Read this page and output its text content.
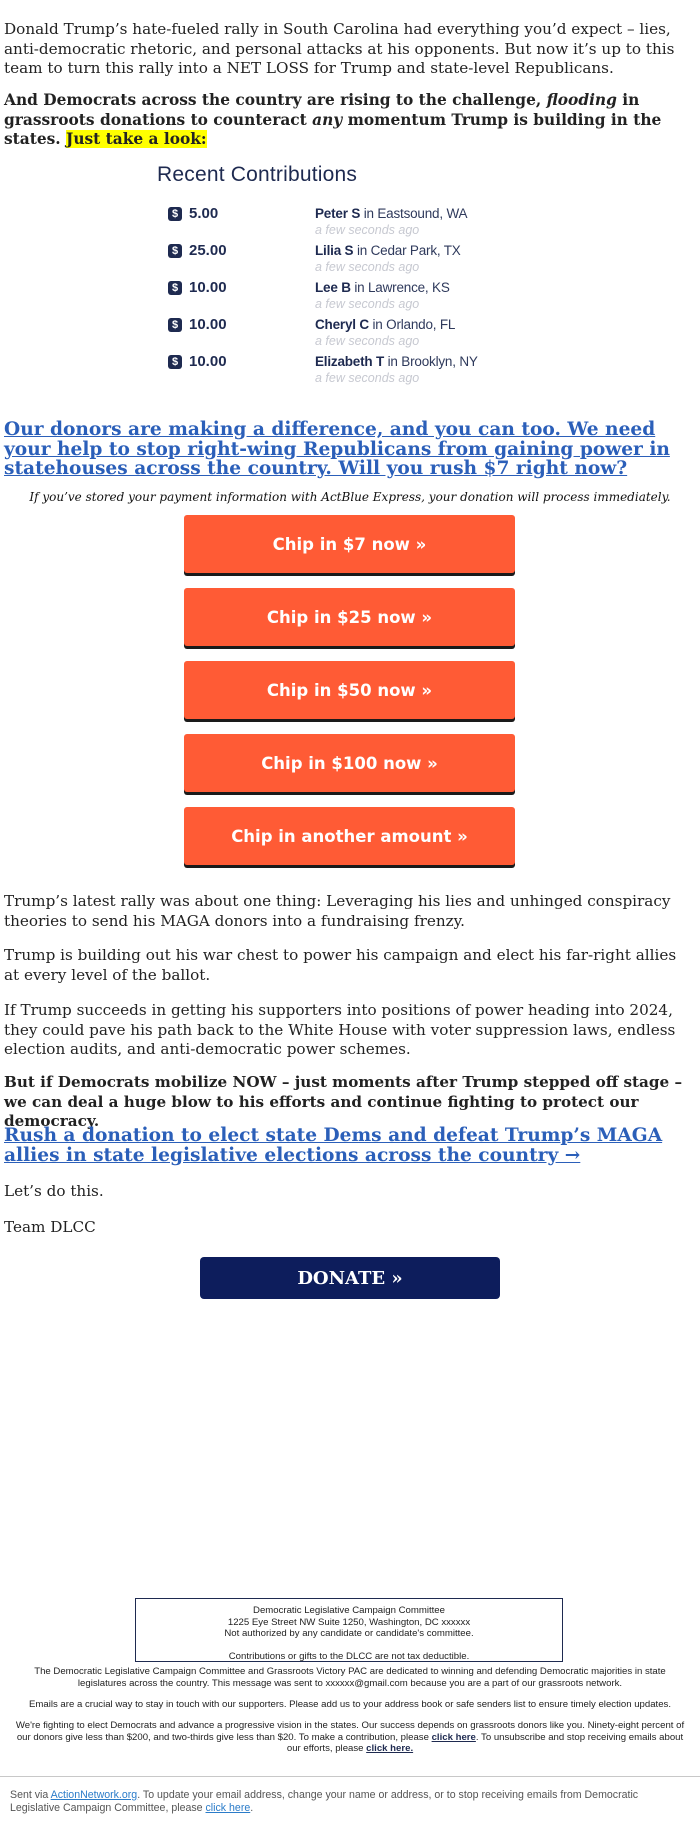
Donald Trump’s hate-fueled rally in South Carolina had everything you’d expect – lies, anti-democratic rhetoric, and personal attacks at his opponents. But now it’s up to this team to turn this rally into a NET LOSS for Trump and state-level Republicans.

And Democrats across the country are rising to the challenge, flooding in grassroots donations to counteract any momentum Trump is building in the states. Just take a look:

Recent Contributions
$ 5.00	Peter S in Eastsound, WA
a few seconds ago
$ 25.00	Lilia S in Cedar Park, TX
a few seconds ago
$ 10.00	Lee B in Lawrence, KS
a few seconds ago
$ 10.00	Cheryl C in Orlando, FL
a few seconds ago
$ 10.00	Elizabeth T in Brooklyn, NY
a few seconds ago
Our donors are making a difference, and you can too. We need your help to stop right-wing Republicans from gaining power in statehouses across the country. Will you rush $7 right now?
If you’ve stored your payment information with ActBlue Express, your donation will process immediately.
Chip in $7 now »
Chip in $25 now »
Chip in $50 now »
Chip in $100 now »
Chip in another amount »

Trump’s latest rally was about one thing: Leveraging his lies and unhinged conspiracy theories to send his MAGA donors into a fundraising frenzy.

Trump is building out his war chest to power his campaign and elect his far-right allies at every level of the ballot.

If Trump succeeds in getting his supporters into positions of power heading into 2024, they could pave his path back to the White House with voter suppression laws, endless election audits, and anti-democratic power schemes.

But if Democrats mobilize NOW – just moments after Trump stepped off stage – we can deal a huge blow to his efforts and continue fighting to protect our democracy.

Rush a donation to elect state Dems and defeat Trump’s MAGA allies in state legislative elections across the country →

Let’s do this.

Team DLCC

DONATE »
Democratic Legislative Campaign Committee
1225 Eye Street NW Suite 1250, Washington, DC xxxxxx
Not authorized by any candidate or candidate's committee.
Contributions or gifts to the DLCC are not tax deductible.
The Democratic Legislative Campaign Committee and Grassroots Victory PAC are dedicated to winning and defending Democratic majorities in state legislatures across the country. This message was sent to xxxxxx@gmail.com because you are a part of our grassroots network.
Emails are a crucial way to stay in touch with our supporters. Please add us to your address book or safe senders list to ensure timely election updates.
We're fighting to elect Democrats and advance a progressive vision in the states. Our success depends on grassroots donors like you. Ninety-eight percent of our donors give less than $200, and two-thirds give less than $20. To make a contribution, please click here. To unsubscribe and stop receiving emails about our efforts, please click here.
Sent via ActionNetwork.org. To update your email address, change your name or address, or to stop receiving emails from Democratic Legislative Campaign Committee, please click here.
